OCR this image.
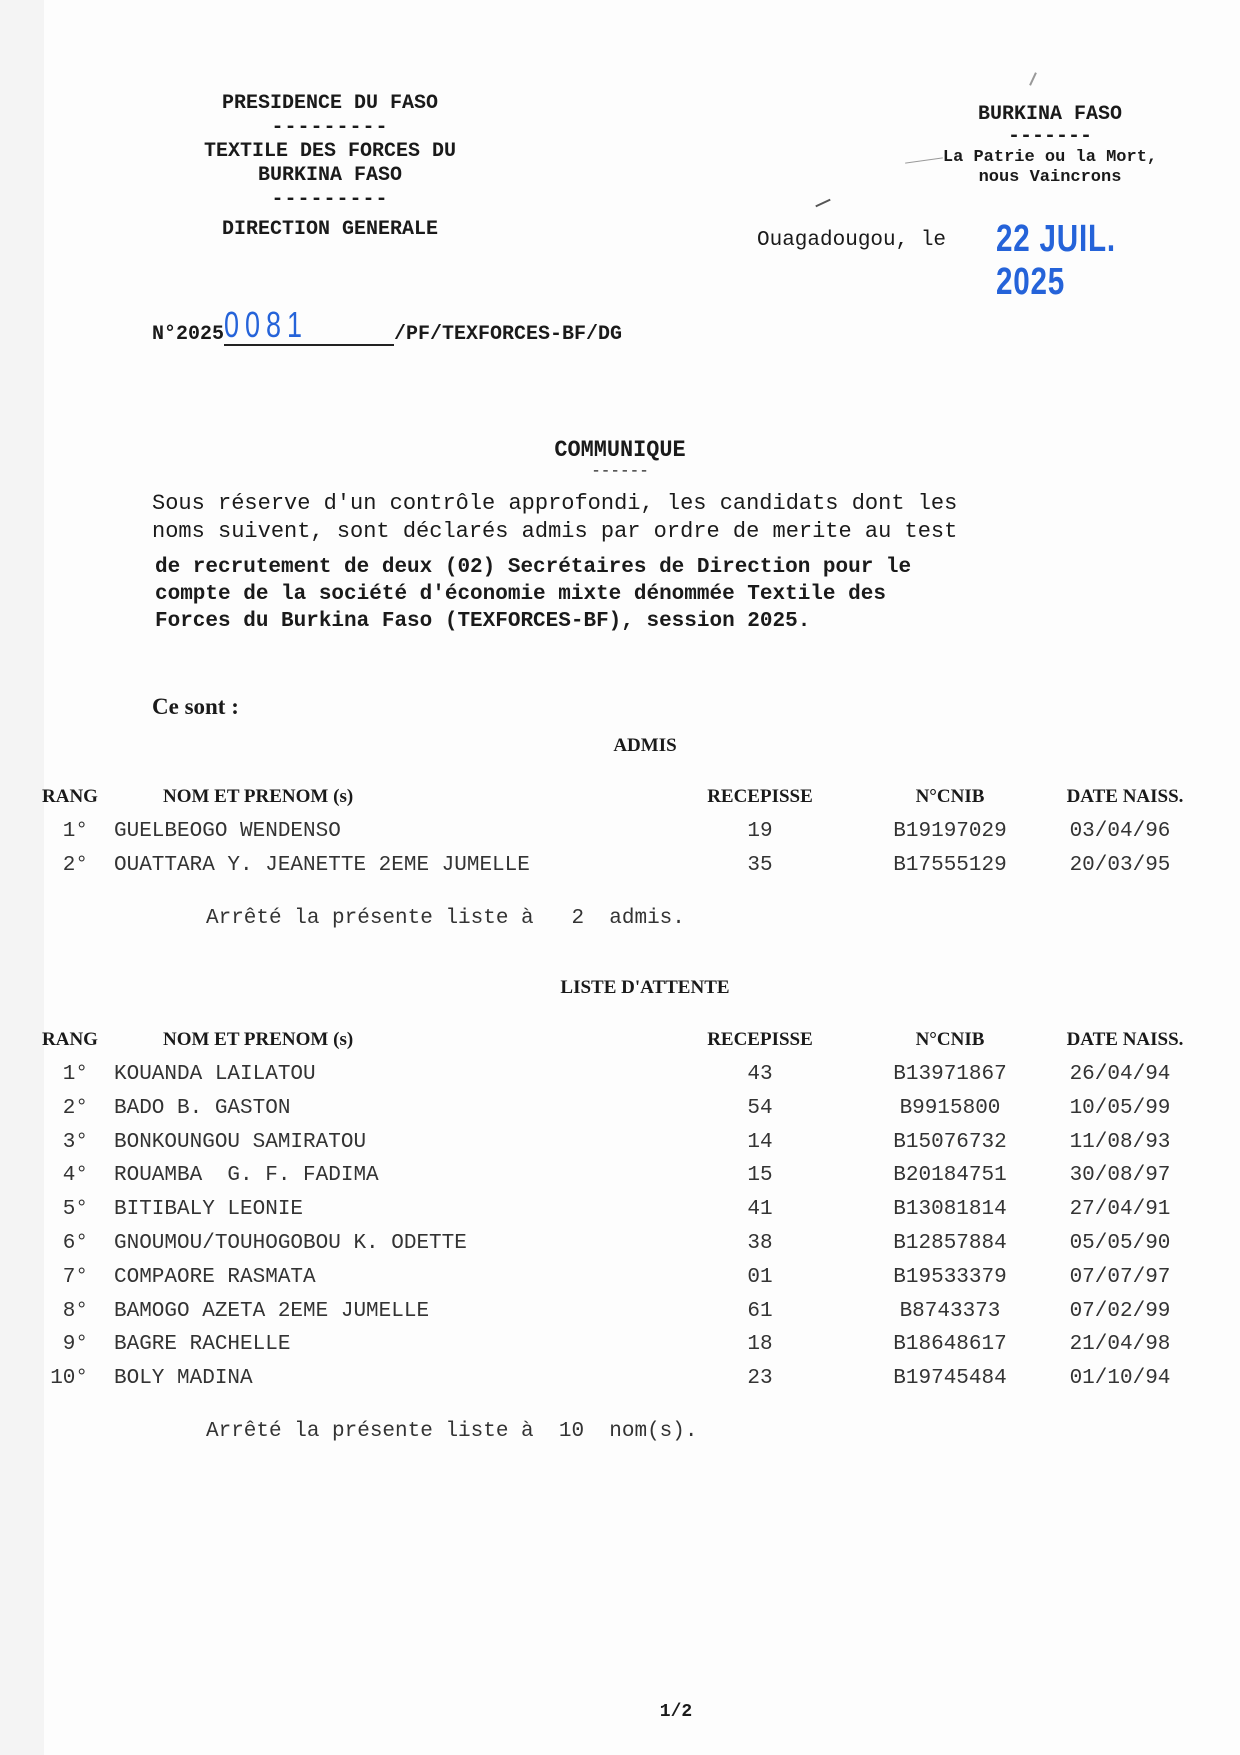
PRESIDENCE DU FASO
---------
TEXTILE DES FORCES DU
BURKINA FASO
---------
DIRECTION GENERALE
BURKINA FASO
-------
La Patrie ou la Mort,
nous Vaincrons
Ouagadougou, le 22 JUIL. 2025
N°2025 0081	/PF/TEXFORCES-BF/DG
COMMUNIQUE
------
Sous réserve d'un contrôle approfondi, les candidats dont les
noms suivent, sont déclarés admis par ordre de merite au test
de recrutement de deux (02) Secrétaires de Direction pour le
compte de la société d'économie mixte dénommée Textile des
Forces du Burkina Faso (TEXFORCES-BF), session 2025.
Ce sont :
ADMIS
RANG	NOM ET PRENOM (s)	RECEPISSE	N°CNIB	DATE NAISS.
1° GUELBEOGO WENDENSO	19	B19197029	03/04/96
2° OUATTARA Y. JEANETTE 2EME JUMELLE	35	B17555129	20/03/95
Arrêté la présente liste à   2  admis.
LISTE D'ATTENTE
RANG	NOM ET PRENOM (s)	RECEPISSE	N°CNIB	DATE NAISS.
1° KOUANDA LAILATOU	43	B13971867	26/04/94
2° BADO B. GASTON	54	B9915800	10/05/99
3° BONKOUNGOU SAMIRATOU	14	B15076732	11/08/93
4° ROUAMBA  G. F. FADIMA	15	B20184751	30/08/97
5° BITIBALY LEONIE	41	B13081814	27/04/91
6° GNOUMOU/TOUHOGOBOU K. ODETTE	38	B12857884	05/05/90
7° COMPAORE RASMATA	01	B19533379	07/07/97
8° BAMOGO AZETA 2EME JUMELLE	61	B8743373	07/02/99
9° BAGRE RACHELLE	18	B18648617	21/04/98
10° BOLY MADINA	23	B19745484	01/10/94
Arrêté la présente liste à  10  nom(s).
1/2
